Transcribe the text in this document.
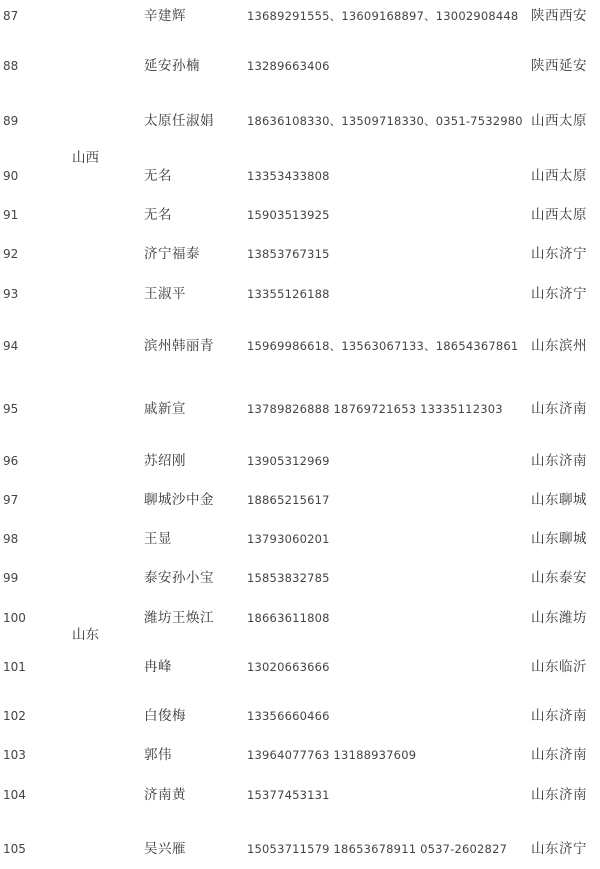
山西
山东
87	辛建辉	13689291555、13609168897、13002908448 陕西西安
88	延安孙楠	13289663406	陕西延安
89	太原任淑娟	18636108330、13509718330、0351-7532980 山西太原
90	无名	13353433808	山西太原
91	无名	15903513925	山西太原
92	济宁福泰	13853767315	山东济宁
93	王淑平	13355126188	山东济宁
94	滨州韩丽青	15969986618、13563067133、18654367861 山东滨州
95	戚新宣	13789826888 18769721653 13335112303 山东济南
96	苏绍刚	13905312969	山东济南
97	聊城沙中金	18865215617	山东聊城
98	王显	13793060201	山东聊城
99	泰安孙小宝	15853832785	山东泰安
100	潍坊王焕江	18663611808	山东潍坊
101	冉峰	13020663666	山东临沂
102	白俊梅	13356660466	山东济南
103	郭伟	13964077763 13188937609	山东济南
104	济南黄	15377453131	山东济南
105	吴兴雁	15053711579 18653678911 0537-2602827 山东济宁
